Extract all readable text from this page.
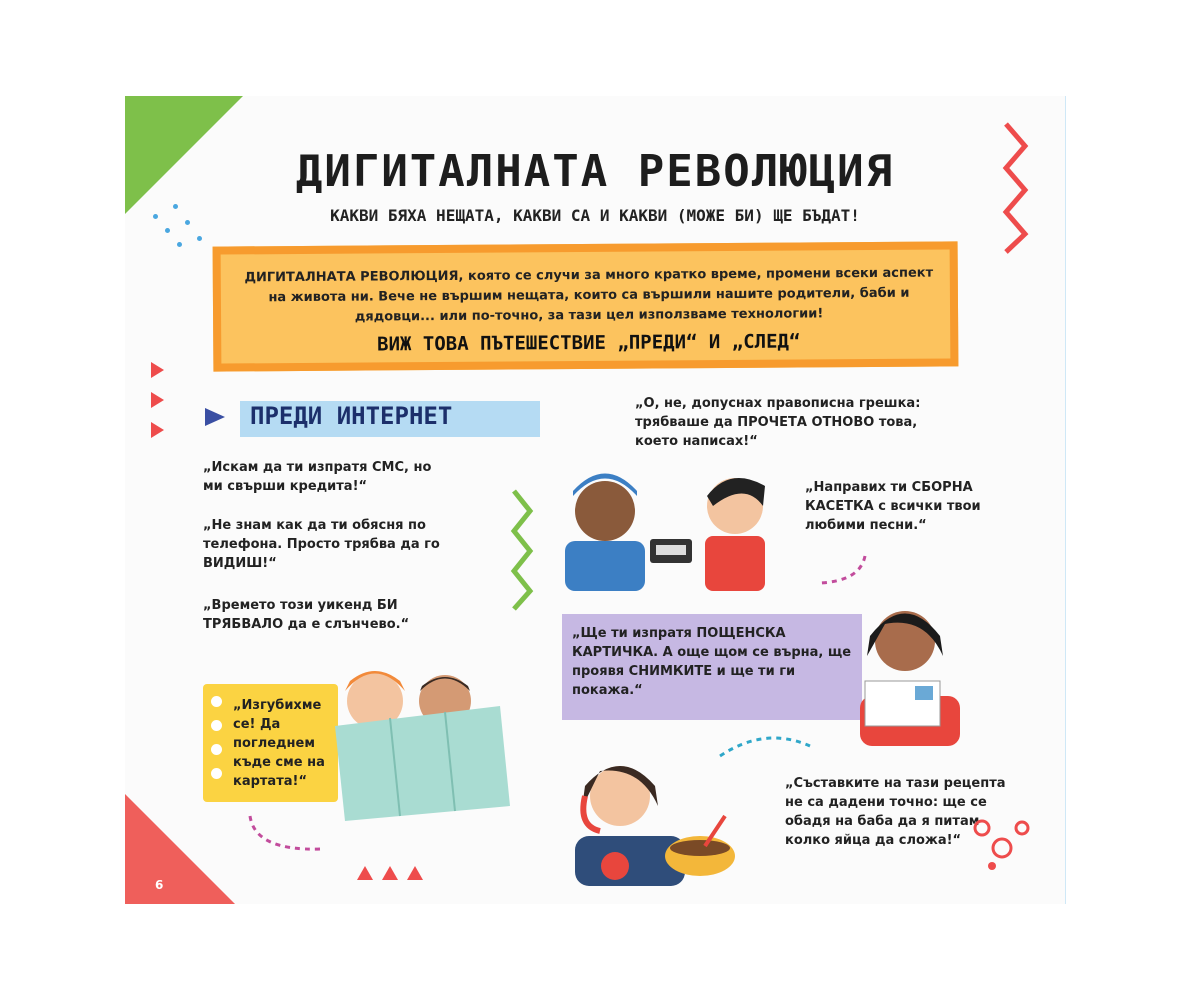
6
ДИГИТАЛНАТА РЕВОЛЮЦИЯ
КАКВИ БЯХА НЕЩАТА, КАКВИ СА И КАКВИ (МОЖЕ БИ) ЩЕ БЪДАТ!
ДИГИТАЛНАТА РЕВОЛЮЦИЯ, която се случи за много кратко време, промени всеки аспект на живота ни. Вече не вършим нещата, които са вършили нашите родители, баби и дядовци... или по-точно, за тази цел използваме технологии!
ВИЖ ТОВА ПЪТЕШЕСТВИЕ „ПРЕДИ“ И „СЛЕД“
ПРЕДИ ИНТЕРНЕТ
„Искам да ти изпратя СМС, но ми свърши кредита!“
„Не знам как да ти обясня по телефона. Просто трябва да го ВИДИШ!“
„Времето този уикенд БИ ТРЯБВАЛО да е слънчево.“
„О, не, допуснах правописна грешка: трябваше да ПРОЧЕТА ОТНОВО това, което написах!“
„Направих ти СБОРНА КАСЕТКА с всички твои любими песни.“
„Съставките на тази рецепта не са дадени точно: ще се обадя на баба да я питам колко яйца да сложа!“
„Изгубихме се! Да погледнем къде сме на картата!“
„Ще ти изпратя ПОЩЕНСКА КАРТИЧКА. А още щом се върна, ще проявя СНИМКИТЕ и ще ти ги покажа.“
